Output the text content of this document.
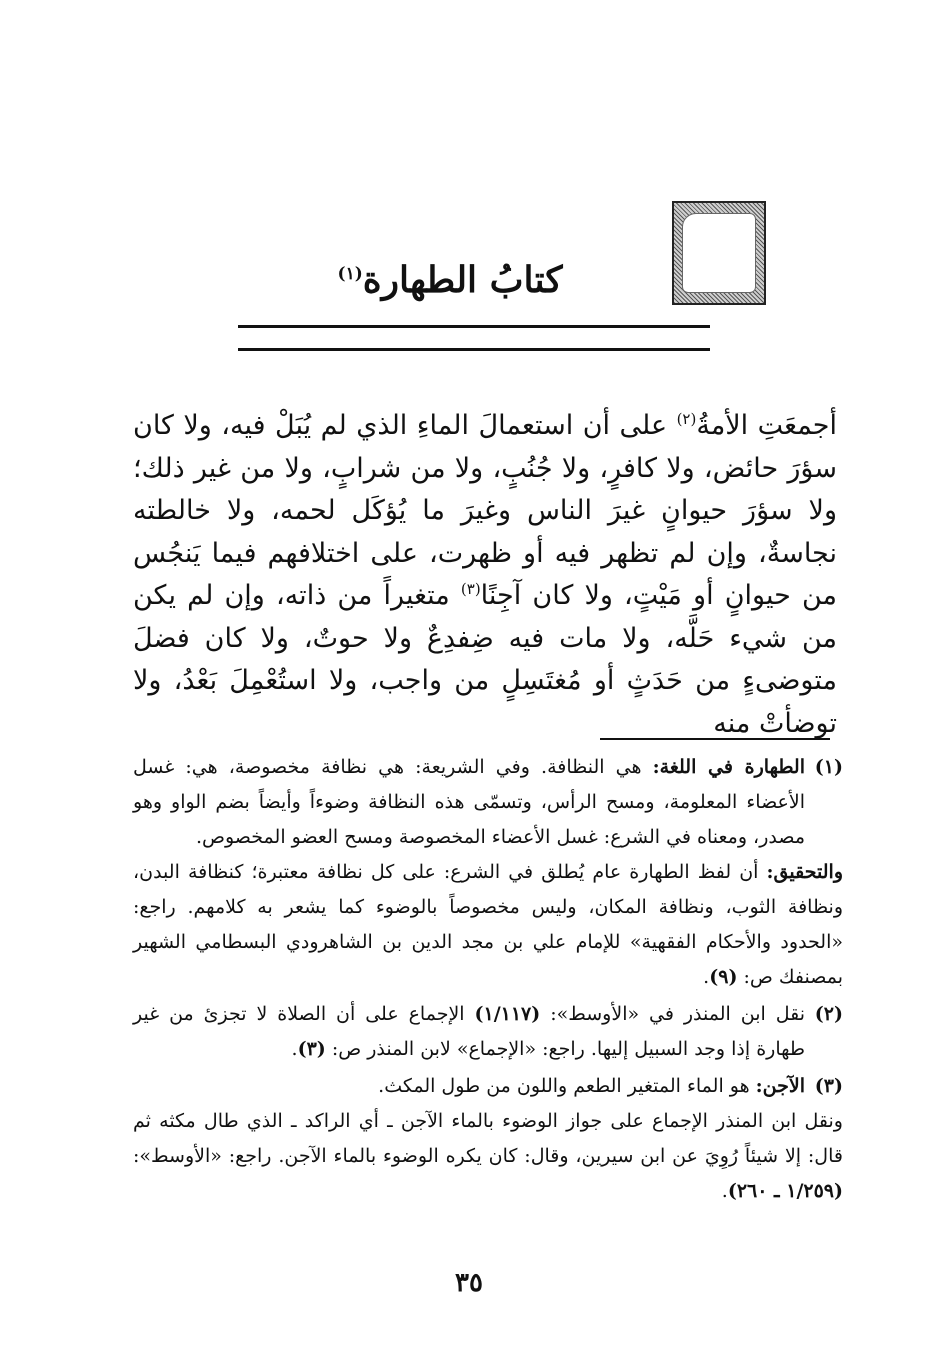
كتابُ الطهارة$^{(١)}$
أجمعَتِ الأمةُ$^{(٢)}$ على أن استعمالَ الماءِ الذي لم يُبَلْ فيه، ولا كان سؤرَ حائض، ولا كافرٍ، ولا جُنُبٍ، ولا من شرابٍ، ولا من غير ذلك؛ ولا سؤرَ حيوانٍ غيرَ الناس وغيرَ ما يُؤكَل لحمه، ولا خالطته نجاسةٌ، وإن لم تظهر فيه أو ظهرت، على اختلافهم فيما يَنجُس من حيوانٍ أو مَيْتٍ، ولا كان آجِنًا$^{(٣)}$ متغيراً من ذاته، وإن لم يكن من شيء حَلَّه، ولا مات فيه ضِفدِعٌ ولا حوتٌ، ولا كان فضلَ متوضىءٍ من حَدَثٍ أو مُغتَسِلٍ من واجب، ولا استُعْمِلَ بَعْدُ، ولا توضأتْ منه

(١)
الطهارة في اللغة: هي النظافة. وفي الشريعة: هي نظافة مخصوصة، هي: غسل الأعضاء المعلومة، ومسح الرأس، وتسمّى هذه النظافة وضوءاً وأيضاً بضم الواو وهو مصدر، ومعناه في الشرع: غسل الأعضاء المخصوصة ومسح العضو المخصوص.

والتحقيق: أن لفظ الطهارة عام يُطلق في الشرع: على كل نظافة معتبرة؛ كنظافة البدن، ونظافة الثوب، ونظافة المكان، وليس مخصوصاً بالوضوء كما يشعر به كلامهم. راجع: «الحدود والأحكام الفقهية» للإمام علي بن مجد الدين بن الشاهرودي البسطامي الشهير بمصنفك ص: (٩).

(٢)
نقل ابن المنذر في «الأوسط»: (١/١١٧) الإجماع على أن الصلاة لا تجزئ من غير طهارة إذا وجد السبيل إليها. راجع: «الإجماع» لابن المنذر ص: (٣).

(٣)
الآجن: هو الماء المتغير الطعم واللون من طول المكث.

ونقل ابن المنذر الإجماع على جواز الوضوء بالماء الآجن ـ أي الراكد ـ الذي طال مكثه ثم قال: إلا شيئاً رُوِيَ عن ابن سيرين، وقال: كان يكره الوضوء بالماء الآجن. راجع: «الأوسط»: (١/٢٥٩ ـ ٢٦٠).

٣٥
